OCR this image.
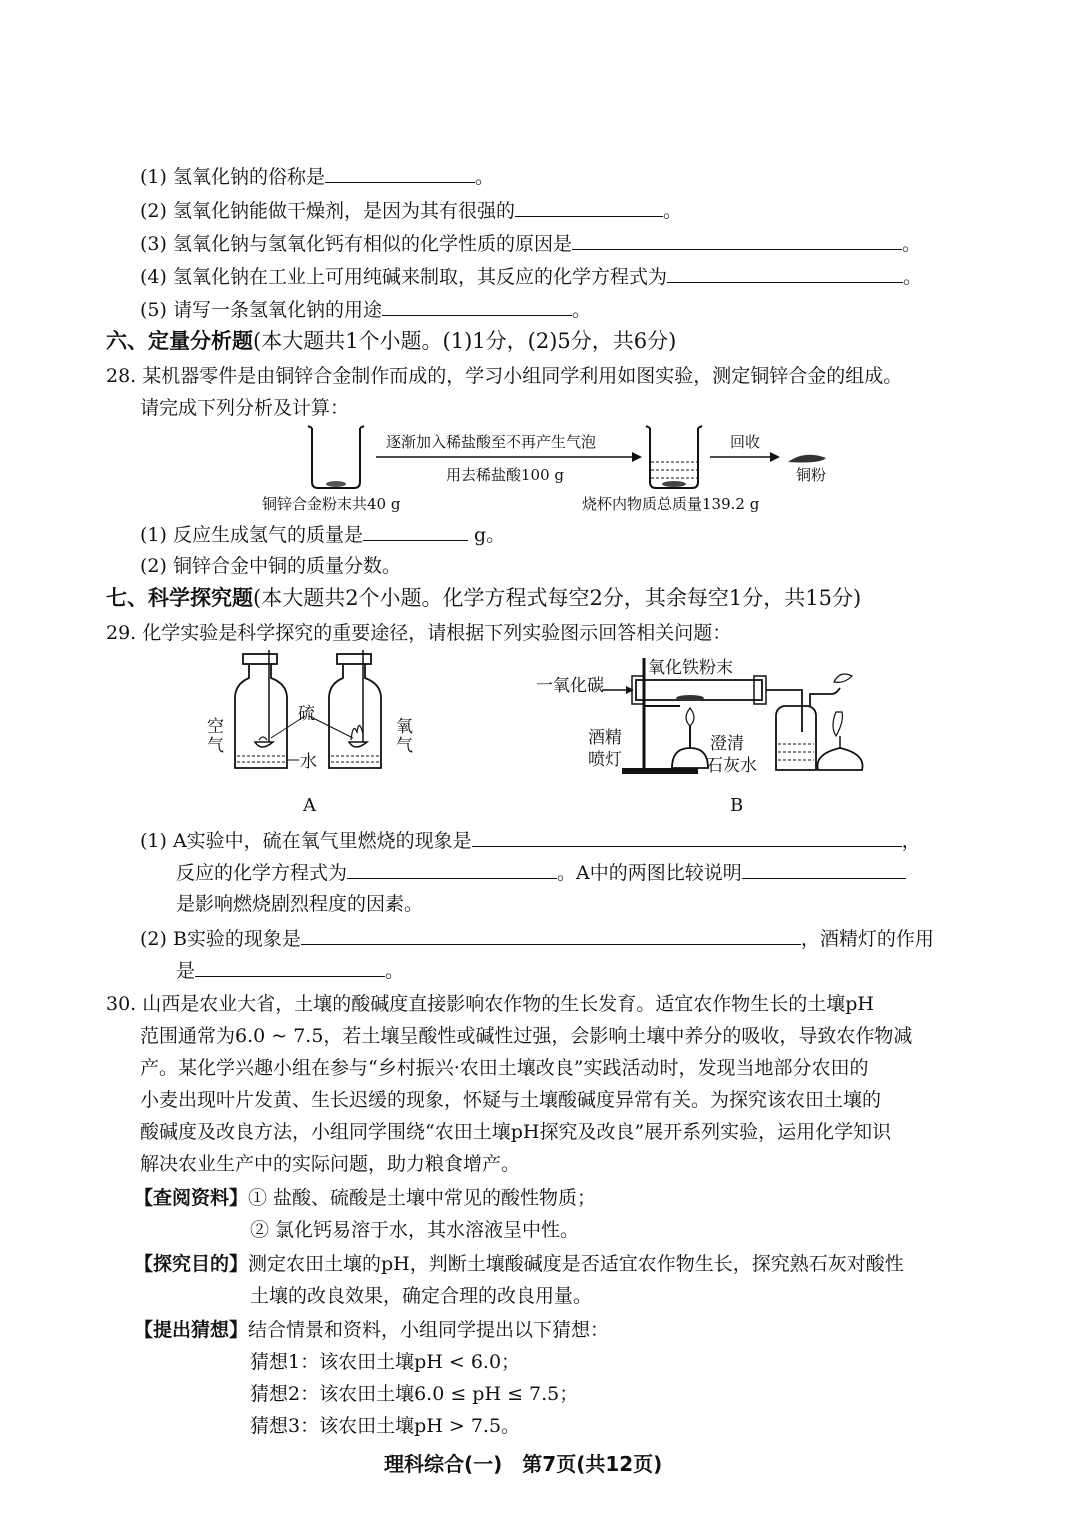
(1) 氢氧化钠的俗称是	。
(2) 氢氧化钠能做干燥剂，是因为其有很强的	。
(3) 氢氧化钠与氢氧化钙有相似的化学性质的原因是	。
(4) 氢氧化钠在工业上可用纯碱来制取，其反应的化学方程式为	。
(5) 请写一条氢氧化钠的用途	。
六、定量分析题(本大题共1个小题。(1)1分，(2)5分，共6分)
28. 某机器零件是由铜锌合金制作而成的，学习小组同学利用如图实验，测定铜锌合金的组成。
请完成下列分析及计算：
逐渐加入稀盐酸至不再产生气泡
用去稀盐酸100 g
回收
铜粉
铜锌合金粉末共40 g	烧杯内物质总质量139.2 g
(1) 反应生成氢气的质量是	g。
(2) 铜锌合金中铜的质量分数。
七、科学探究题(本大题共2个小题。化学方程式每空2分，其余每空1分，共15分)
29. 化学实验是科学探究的重要途径，请根据下列实验图示回答相关问题：
硫
水
空气
氧气
A
一氧化碳
氧化铁粉末
酒精
喷灯
澄清
石灰水
B
(1) A实验中，硫在氧气里燃烧的现象是	，
反应的化学方程式为	。A中的两图比较说明
是影响燃烧剧烈程度的因素。
(2) B实验的现象是	，酒精灯的作用
是	。
30. 山西是农业大省，土壤的酸碱度直接影响农作物的生长发育。适宜农作物生长的土壤pH
范围通常为6.0 ~ 7.5，若土壤呈酸性或碱性过强，会影响土壤中养分的吸收，导致农作物减
产。某化学兴趣小组在参与“乡村振兴·农田土壤改良”实践活动时，发现当地部分农田的
小麦出现叶片发黄、生长迟缓的现象，怀疑与土壤酸碱度异常有关。为探究该农田土壤的
酸碱度及改良方法，小组同学围绕“农田土壤pH探究及改良”展开系列实验，运用化学知识
解决农业生产中的实际问题，助力粮食增产。
【查阅资料】① 盐酸、硫酸是土壤中常见的酸性物质；
② 氯化钙易溶于水，其水溶液呈中性。
【探究目的】测定农田土壤的pH，判断土壤酸碱度是否适宜农作物生长，探究熟石灰对酸性
土壤的改良效果，确定合理的改良用量。
【提出猜想】结合情景和资料，小组同学提出以下猜想：
猜想1：该农田土壤pH < 6.0；
猜想2：该农田土壤6.0 ≤ pH ≤ 7.5；
猜想3：该农田土壤pH > 7.5。
理科综合(一)　第7页(共12页)
